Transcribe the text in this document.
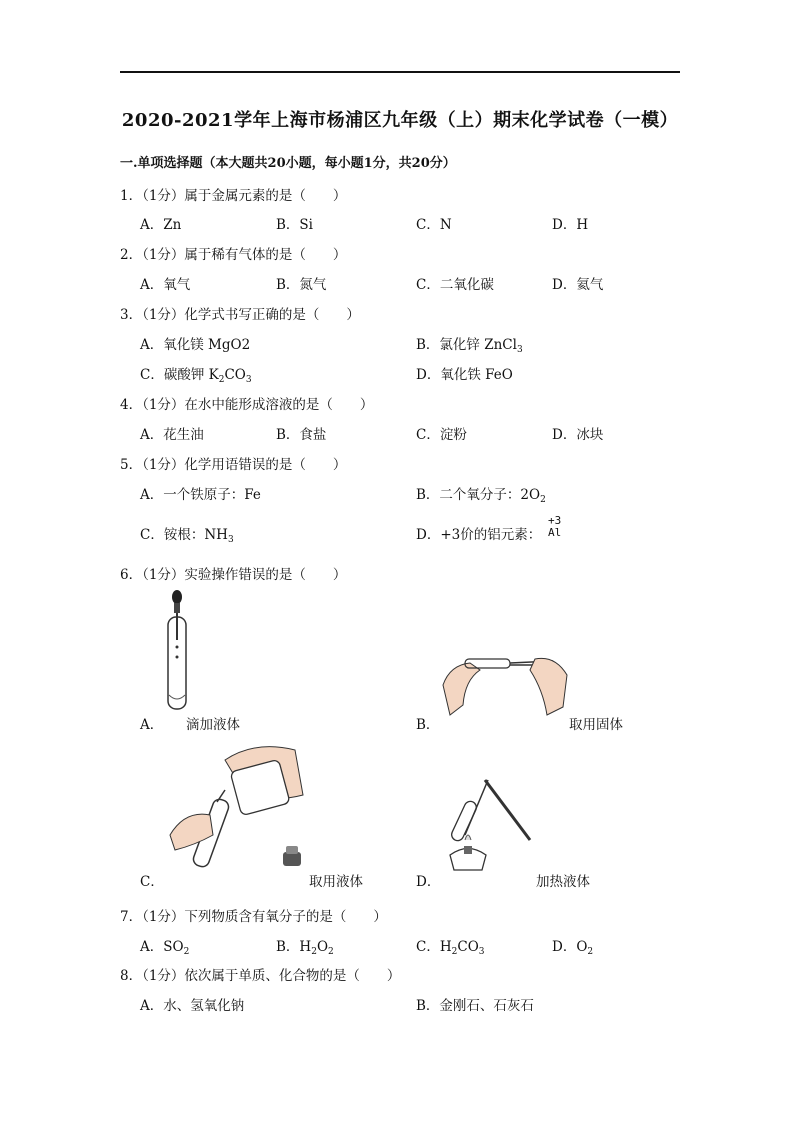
2020-2021学年上海市杨浦区九年级（上）期末化学试卷（一模）
一.单项选择题（本大题共20小题，每小题1分，共20分）
1．（1分）属于金属元素的是（　　）
A．Zn	B．Si	C．N	D．H
2．（1分）属于稀有气体的是（　　）
A．氧气	B．氮气	C．二氧化碳	D．氦气
3．（1分）化学式书写正确的是（　　）
A．氧化镁 MgO2	B．氯化锌 ZnCl$_3$
C．碳酸钾 $K_2CO_3$	D．氧化铁 FeO
4．（1分）在水中能形成溶液的是（　　）
A．花生油	B．食盐	C．淀粉	D．冰块
5．（1分）化学用语错误的是（　　）
A．一个铁原子：Fe	B．二个氧分子：$2O_2$
C．铵根：$NH_3$	D．+3价的铝元素：
+3
Al
6．（1分）实验操作错误的是（　　）
A． 滴加液体	B．	取用固体
C．	取用液体	D．	加热液体
7．（1分）下列物质含有氧分子的是（　　）
A．$SO_2$	B．$H_2O_2$	C．$H_2CO_3$	D．$O_2$
8．（1分）依次属于单质、化合物的是（　　）
A．水、氢氧化钠	B．金刚石、石灰石
